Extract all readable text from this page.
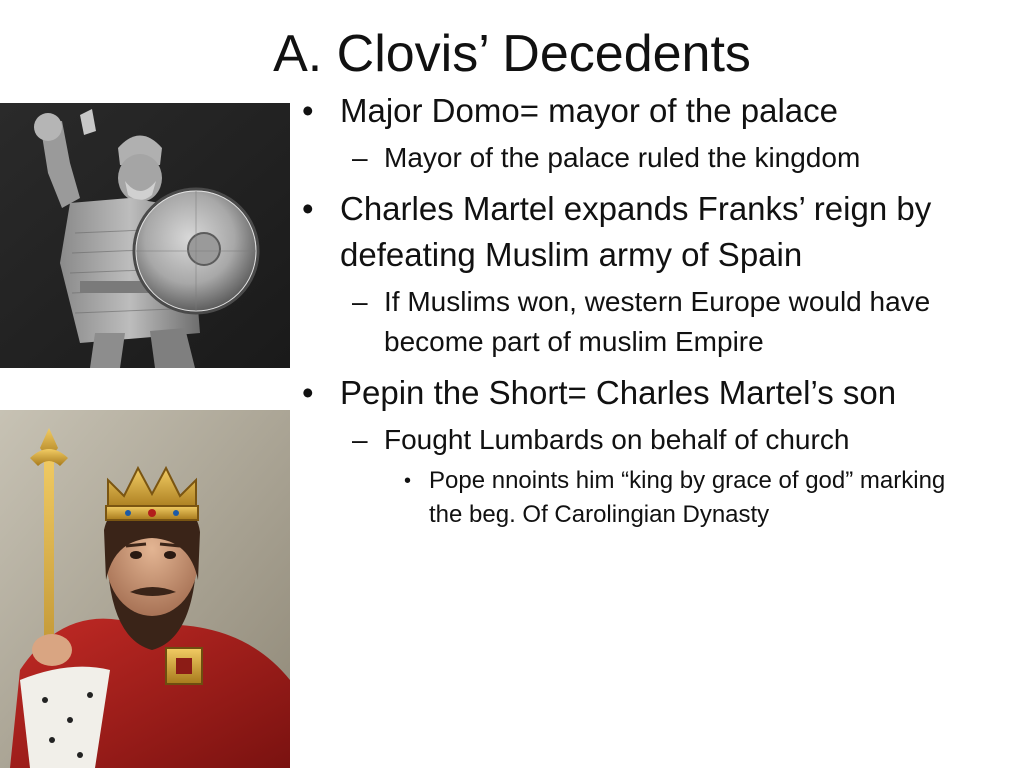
A. Clovis’ Decedents
• Major Domo= mayor of the palace
– Mayor of the palace ruled the kingdom
• Charles Martel expands Franks’ reign by defeating Muslim army of Spain
– If Muslims won, western Europe would have become part of muslim Empire
• Pepin the Short= Charles Martel’s son
– Fought Lumbards on behalf of church
• Pope nnoints him “king by grace of god” marking the beg. Of Carolingian Dynasty
